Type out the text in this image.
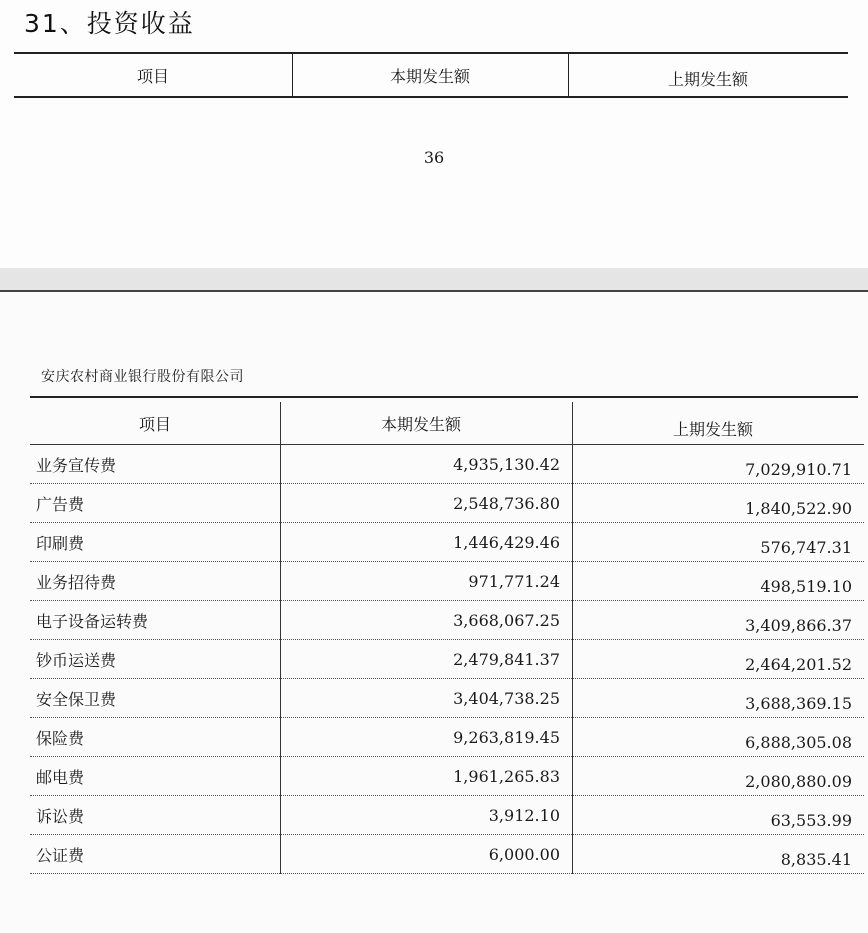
31、投资收益
项目	本期发生额	上期发生额
36
安庆农村商业银行股份有限公司
项目	本期发生额	上期发生额
业务宣传费	4,935,130.42	7,029,910.71
广告费	2,548,736.80	1,840,522.90
印刷费	1,446,429.46	576,747.31
业务招待费	971,771.24	498,519.10
电子设备运转费	3,668,067.25	3,409,866.37
钞币运送费	2,479,841.37	2,464,201.52
安全保卫费	3,404,738.25	3,688,369.15
保险费	9,263,819.45	6,888,305.08
邮电费	1,961,265.83	2,080,880.09
诉讼费	3,912.10	63,553.99
公证费	6,000.00	8,835.41
